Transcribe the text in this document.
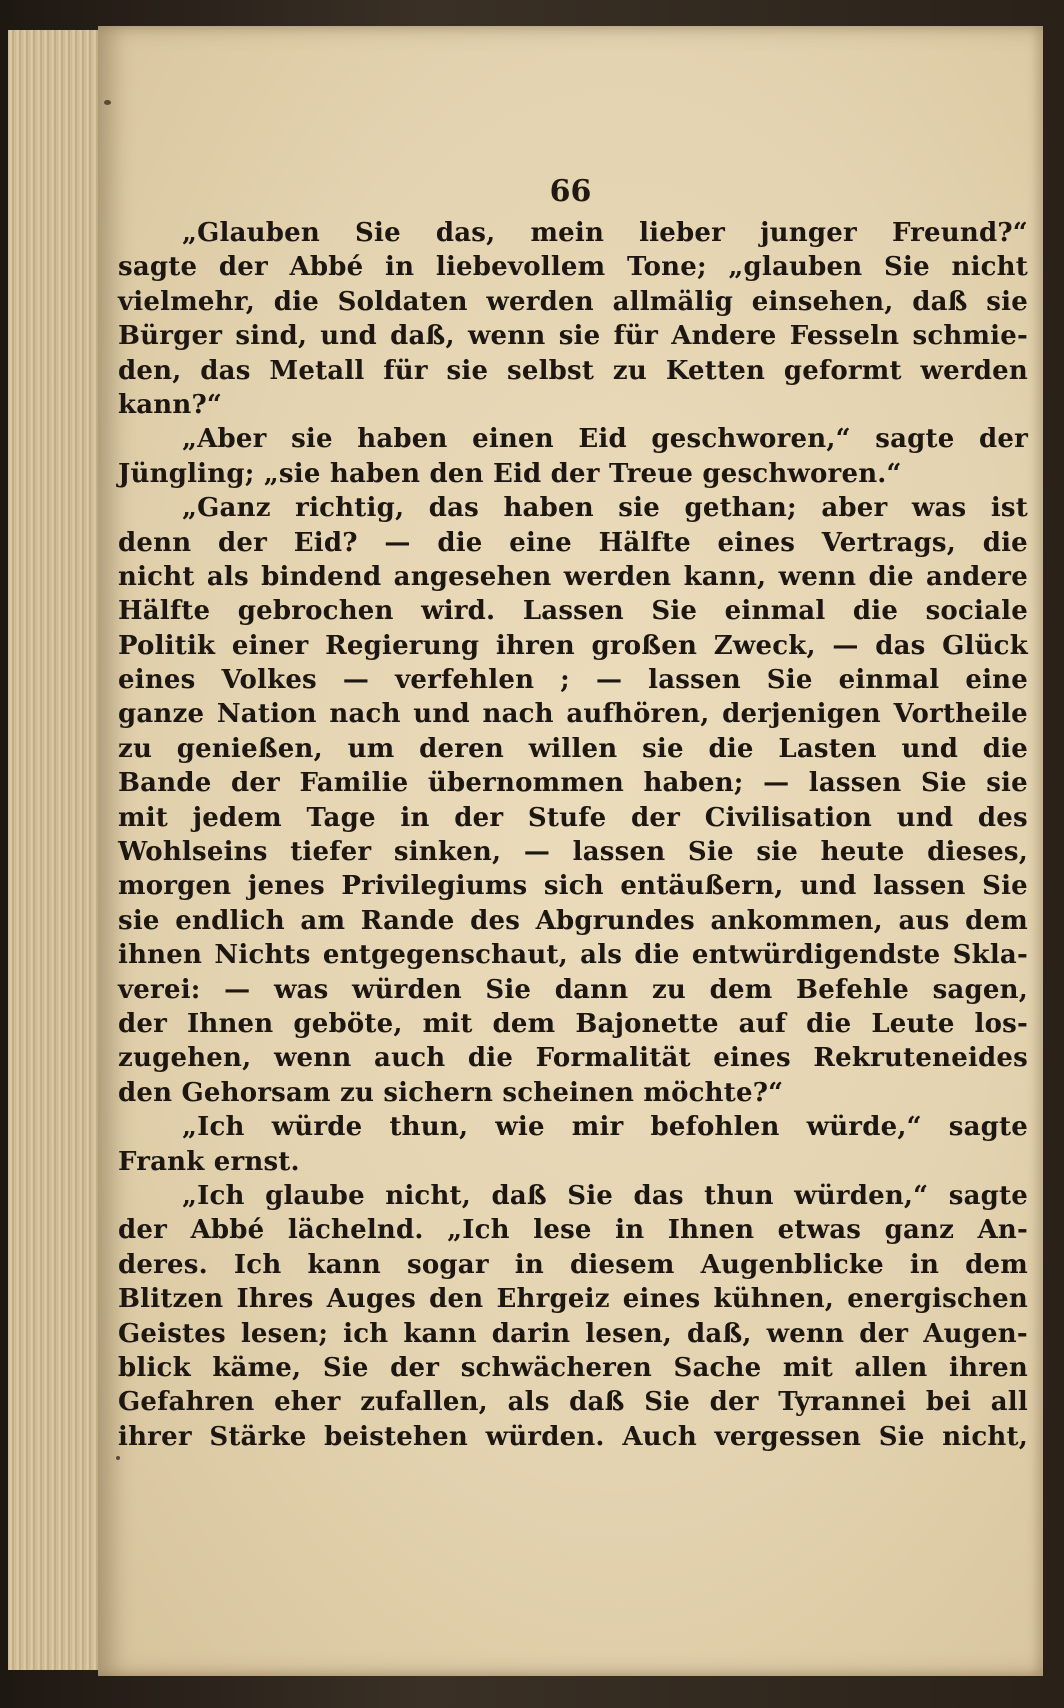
66
„Glauben Sie das, mein lieber junger Freund?“
sagte der Abbé in liebevollem Tone; „glauben Sie nicht
vielmehr, die Soldaten werden allmälig einsehen, daß sie
Bürger sind, und daß, wenn sie für Andere Fesseln schmie-
den, das Metall für sie selbst zu Ketten geformt werden
kann?“
„Aber sie haben einen Eid geschworen,“ sagte der
Jüngling; „sie haben den Eid der Treue geschworen.“
„Ganz richtig, das haben sie gethan; aber was ist
denn der Eid? — die eine Hälfte eines Vertrags, die
nicht als bindend angesehen werden kann, wenn die andere
Hälfte gebrochen wird. Lassen Sie einmal die sociale
Politik einer Regierung ihren großen Zweck, — das Glück
eines Volkes — verfehlen ; — lassen Sie einmal eine
ganze Nation nach und nach aufhören, derjenigen Vortheile
zu genießen, um deren willen sie die Lasten und die
Bande der Familie übernommen haben; — lassen Sie sie
mit jedem Tage in der Stufe der Civilisation und des
Wohlseins tiefer sinken, — lassen Sie sie heute dieses,
morgen jenes Privilegiums sich entäußern, und lassen Sie
sie endlich am Rande des Abgrundes ankommen, aus dem
ihnen Nichts entgegenschaut, als die entwürdigendste Skla-
verei: — was würden Sie dann zu dem Befehle sagen,
der Ihnen geböte, mit dem Bajonette auf die Leute los-
zugehen, wenn auch die Formalität eines Rekruteneides
den Gehorsam zu sichern scheinen möchte?“
„Ich würde thun, wie mir befohlen würde,“ sagte
Frank ernst.
„Ich glaube nicht, daß Sie das thun würden,“ sagte
der Abbé lächelnd. „Ich lese in Ihnen etwas ganz An-
deres. Ich kann sogar in diesem Augenblicke in dem
Blitzen Ihres Auges den Ehrgeiz eines kühnen, energischen
Geistes lesen; ich kann darin lesen, daß, wenn der Augen-
blick käme, Sie der schwächeren Sache mit allen ihren
Gefahren eher zufallen, als daß Sie der Tyrannei bei all
ihrer Stärke beistehen würden. Auch vergessen Sie nicht,
